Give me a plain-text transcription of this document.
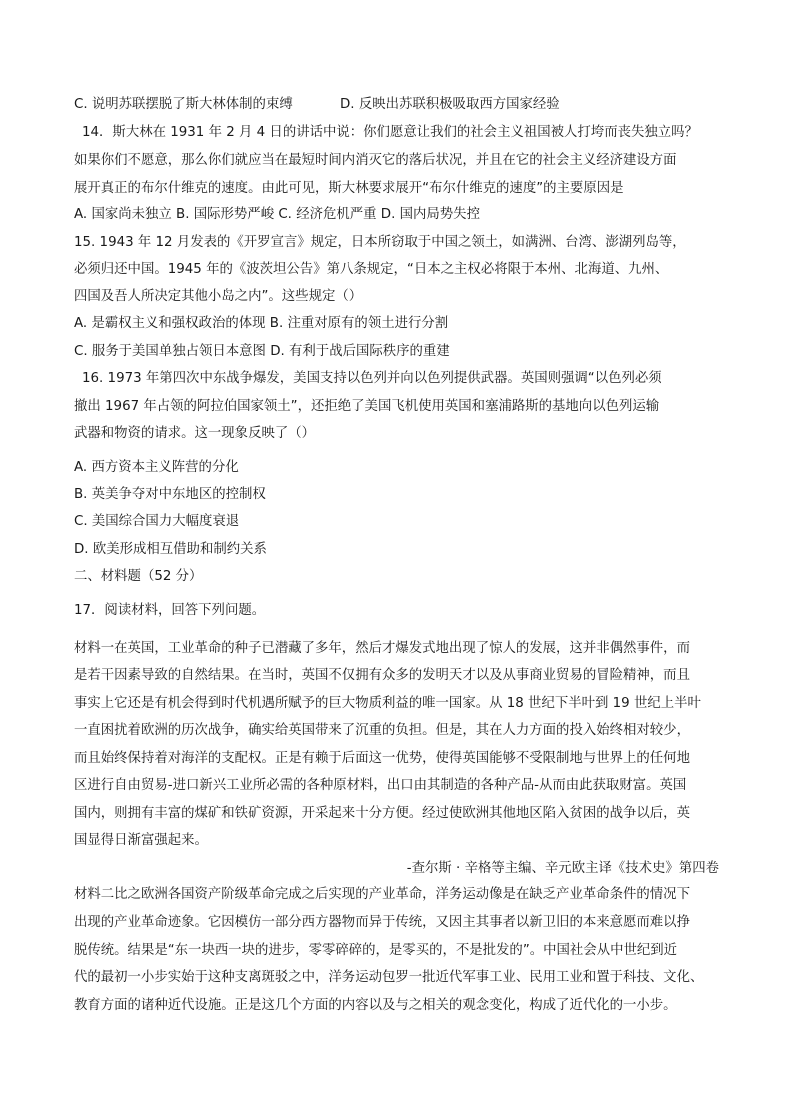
C. 说明苏联摆脱了斯大林体制的束缚	D. 反映出苏联积极吸取西方国家经验
14．斯大林在 1931 年 2 月 4 日的讲话中说：你们愿意让我们的社会主义祖国被人打垮而丧失独立吗？
如果你们不愿意，那么你们就应当在最短时间内消灭它的落后状况，并且在它的社会主义经济建设方面
展开真正的布尔什维克的速度。由此可见，斯大林要求展开“布尔什维克的速度”的主要原因是
A. 国家尚未独立 B. 国际形势严峻 C. 经济危机严重 D. 国内局势失控
15. 1943 年 12 月发表的《开罗宣言》规定，日本所窃取于中国之领土，如满洲、台湾、澎湖列岛等，
必须归还中国。1945 年的《波茨坦公告》第八条规定，“日本之主权必将限于本州、北海道、九州、
四国及吾人所决定其他小岛之内”。这些规定（）
A. 是霸权主义和强权政治的体现 B. 注重对原有的领土进行分割
C. 服务于美国单独占领日本意图 D. 有利于战后国际秩序的重建
16. 1973 年第四次中东战争爆发，美国支持以色列并向以色列提供武器。英国则强调“以色列必须
撤出 1967 年占领的阿拉伯国家领土”，还拒绝了美国飞机使用英国和塞浦路斯的基地向以色列运输
武器和物资的请求。这一现象反映了（）
A. 西方资本主义阵营的分化
B. 英美争夺对中东地区的控制权
C. 美国综合国力大幅度衰退
D. 欧美形成相互借助和制约关系
二、材料题（52 分）
17．阅读材料，回答下列问题。
材料一在英国，工业革命的种子已潜藏了多年，然后才爆发式地出现了惊人的发展，这并非偶然事件，而
是若干因素导致的自然结果。在当时，英国不仅拥有众多的发明天才以及从事商业贸易的冒险精神，而且
事实上它还是有机会得到时代机遇所赋予的巨大物质利益的唯一国家。从 18 世纪下半叶到 19 世纪上半叶
一直困扰着欧洲的历次战争，确实给英国带来了沉重的负担。但是，其在人力方面的投入始终相对较少，
而且始终保持着对海洋的支配权。正是有赖于后面这一优势，使得英国能够不受限制地与世界上的任何地
区进行自由贸易-进口新兴工业所必需的各种原材料，出口由其制造的各种产品-从而由此获取财富。英国
国内，则拥有丰富的煤矿和铁矿资源，开采起来十分方便。经过使欧洲其他地区陷入贫困的战争以后，英
国显得日渐富强起来。
-查尔斯 · 辛格等主编、辛元欧主译《技术史》第四卷
材料二比之欧洲各国资产阶级革命完成之后实现的产业革命，洋务运动像是在缺乏产业革命条件的情况下
出现的产业革命迹象。它因模仿一部分西方器物而异于传统，又因主其事者以新卫旧的本来意愿而难以挣
脱传统。结果是“东一块西一块的进步，零零碎碎的，是零买的，不是批发的”。中国社会从中世纪到近
代的最初一小步实始于这种支离斑驳之中，洋务运动包罗一批近代军事工业、民用工业和置于科技、文化、
教育方面的诸种近代设施。正是这几个方面的内容以及与之相关的观念变化，构成了近代化的一小步。
